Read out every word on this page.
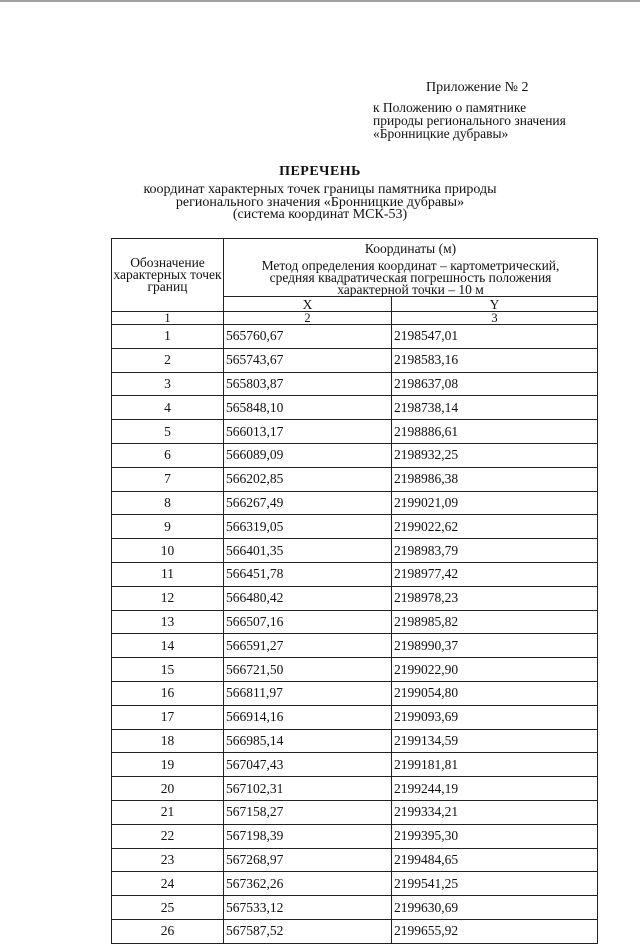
Приложение № 2
к Положению о памятнике
природы регионального значения
«Бронницкие дубравы»
ПЕРЕЧЕНЬ
координат характерных точек границы памятника природы
регионального значения «Бронницкие дубравы»
(система координат МСК-53)
Обозначение
характерных точек
границ	Координаты (м)	

	Метод определения координат – картометрический,
средняя квадратическая погрешность положения
характерной точки – 10 м	

	X	Y
1	2	3
1	565760,67	2198547,01
2	565743,67	2198583,16
3	565803,87	2198637,08
4	565848,10	2198738,14
5	566013,17	2198886,61
6	566089,09	2198932,25
7	566202,85	2198986,38
8	566267,49	2199021,09
9	566319,05	2199022,62
10	566401,35	2198983,79
11	566451,78	2198977,42
12	566480,42	2198978,23
13	566507,16	2198985,82
14	566591,27	2198990,37
15	566721,50	2199022,90
16	566811,97	2199054,80
17	566914,16	2199093,69
18	566985,14	2199134,59
19	567047,43	2199181,81
20	567102,31	2199244,19
21	567158,27	2199334,21
22	567198,39	2199395,30
23	567268,97	2199484,65
24	567362,26	2199541,25
25	567533,12	2199630,69
26	567587,52	2199655,92
